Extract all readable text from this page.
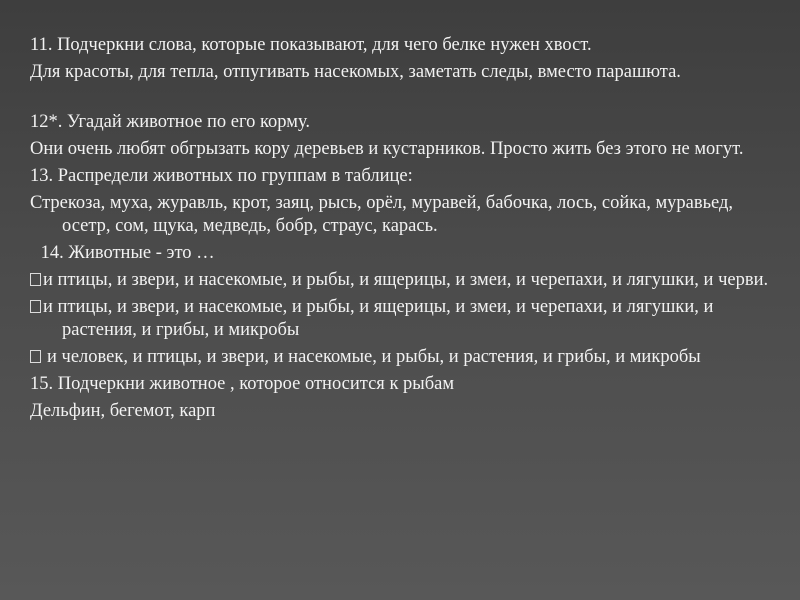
11. Подчеркни слова, которые показывают, для чего белке нужен хвост.

Для красоты, для тепла, отпугивать насекомых, заметать следы, вместо парашюта.

12*. Угадай животное по его корму.

Они очень любят обгрызать кору деревьев и кустарников. Просто жить без этого не могут.

13. Распредели животных по группам в таблице:

Стрекоза, муха, журавль, крот, заяц, рысь, орёл, муравей, бабочка, лось, сойка, муравьед, осетр, сом, щука, медведь, бобр, страус, карась.

14. Животные - это …

и птицы, и звери, и насекомые, и рыбы, и ящерицы, и змеи, и черепахи, и лягушки, и черви.

и птицы, и звери, и насекомые, и рыбы, и ящерицы, и змеи, и черепахи, и лягушки, и растения, и грибы, и микробы

и человек, и птицы, и звери, и насекомые, и рыбы, и растения, и грибы, и микробы

15. Подчеркни животное , которое относится к рыбам

Дельфин, бегемот, карп
